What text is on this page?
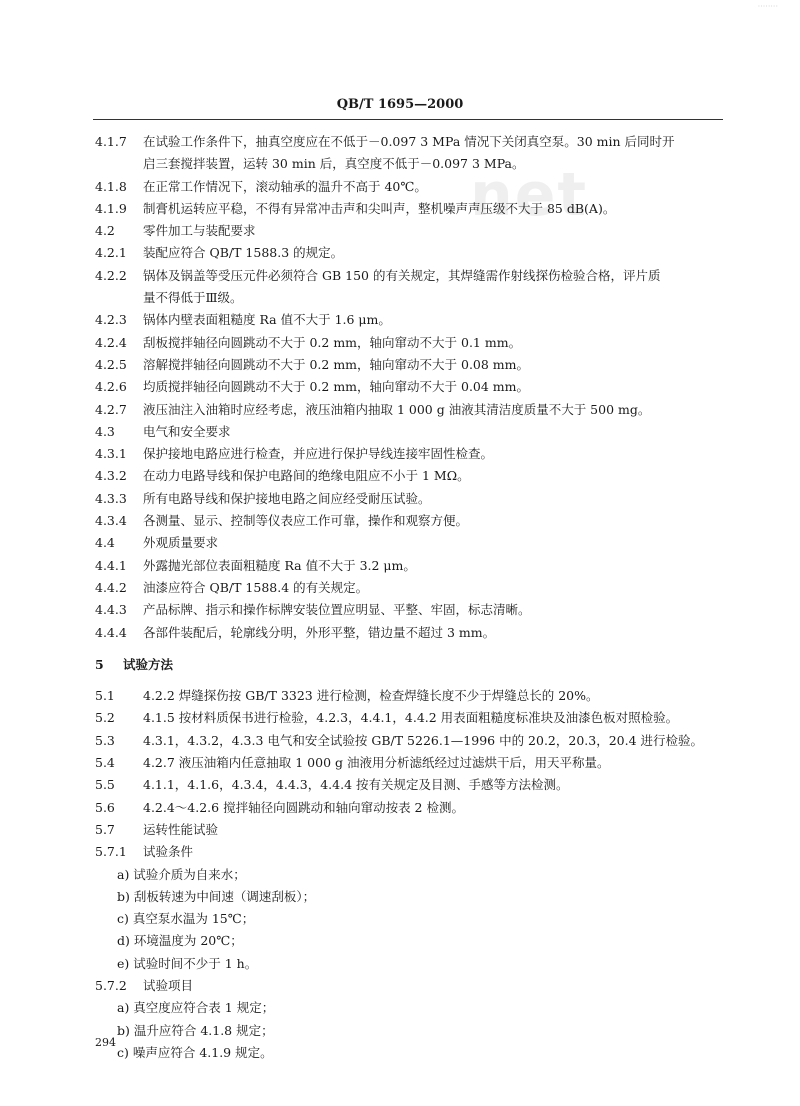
········
net
QB/T 1695—2000
4.1.7 在试验工作条件下，抽真空度应在不低于－0.097 3 MPa 情况下关闭真空泵。30 min 后同时开
启三套搅拌装置，运转 30 min 后，真空度不低于－0.097 3 MPa。
4.1.8 在正常工作情况下，滚动轴承的温升不高于 40℃。
4.1.9 制膏机运转应平稳，不得有异常冲击声和尖叫声，整机噪声声压级不大于 85 dB(A)。
4.2 零件加工与装配要求
4.2.1 装配应符合 QB/T 1588.3 的规定。
4.2.2 锅体及锅盖等受压元件必须符合 GB 150 的有关规定，其焊缝需作射线探伤检验合格，评片质
量不得低于Ⅲ级。
4.2.3 锅体内壁表面粗糙度 Ra 值不大于 1.6 μm。
4.2.4 刮板搅拌轴径向圆跳动不大于 0.2 mm，轴向窜动不大于 0.1 mm。
4.2.5 溶解搅拌轴径向圆跳动不大于 0.2 mm，轴向窜动不大于 0.08 mm。
4.2.6 均质搅拌轴径向圆跳动不大于 0.2 mm，轴向窜动不大于 0.04 mm。
4.2.7 液压油注入油箱时应经考虑，液压油箱内抽取 1 000 g 油液其清洁度质量不大于 500 mg。
4.3 电气和安全要求
4.3.1 保护接地电路应进行检查，并应进行保护导线连接牢固性检查。
4.3.2 在动力电路导线和保护电路间的绝缘电阻应不小于 1 MΩ。
4.3.3 所有电路导线和保护接地电路之间应经受耐压试验。
4.3.4 各测量、显示、控制等仪表应工作可靠，操作和观察方便。
4.4 外观质量要求
4.4.1 外露抛光部位表面粗糙度 Ra 值不大于 3.2 μm。
4.4.2 油漆应符合 QB/T 1588.4 的有关规定。
4.4.3 产品标牌、指示和操作标牌安装位置应明显、平整、牢固，标志清晰。
4.4.4 各部件装配后，轮廓线分明，外形平整，错边量不超过 3 mm。
5 试验方法
5.1 4.2.2 焊缝探伤按 GB/T 3323 进行检测，检查焊缝长度不少于焊缝总长的 20%。
5.2 4.1.5 按材料质保书进行检验，4.2.3，4.4.1，4.4.2 用表面粗糙度标准块及油漆色板对照检验。
5.3 4.3.1，4.3.2，4.3.3 电气和安全试验按 GB/T 5226.1—1996 中的 20.2，20.3，20.4 进行检验。
5.4 4.2.7 液压油箱内任意抽取 1 000 g 油液用分析滤纸经过过滤烘干后，用天平称量。
5.5 4.1.1，4.1.6，4.3.4，4.4.3，4.4.4 按有关规定及目测、手感等方法检测。
5.6 4.2.4～4.2.6 搅拌轴径向圆跳动和轴向窜动按表 2 检测。
5.7 运转性能试验
5.7.1 试验条件
a) 试验介质为自来水；
b) 刮板转速为中间速（调速刮板）；
c) 真空泵水温为 15℃；
d) 环境温度为 20℃；
e) 试验时间不少于 1 h。
5.7.2 试验项目
a) 真空度应符合表 1 规定；
b) 温升应符合 4.1.8 规定；
c) 噪声应符合 4.1.9 规定。
294
